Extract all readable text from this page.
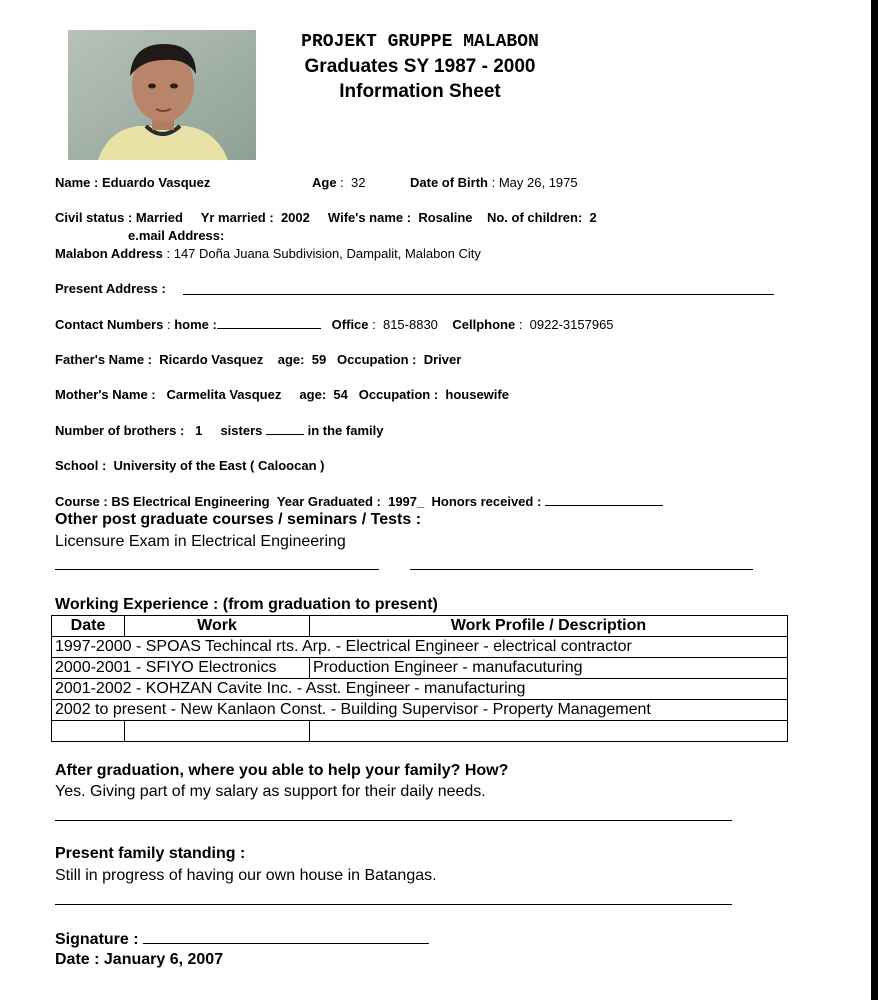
PROJEKT GRUPPE MALABON
Graduates SY 1987 - 2000
Information Sheet
Name : Eduardo Vasquez	Age :  32	Date of Birth : May 26, 1975
Civil status : Married Yr married : 2002 Wife's name : Rosaline No. of children: 2
e.mail Address:
Malabon Address : 147 Doña Juana Subdivision, Dampalit, Malabon City
Present Address :
Contact Numbers : home :	Office :  815-8830 Cellphone :  0922-3157965
Father's Name : Ricardo Vasquez age: 59 Occupation : Driver
Mother's Name : Carmelita Vasquez age: 54 Occupation : housewife
Number of brothers : 1 sisters	in the family
School : University of the East ( Caloocan )
Course : BS Electrical Engineering Year Graduated : 1997_ Honors received :
Other post graduate courses / seminars / Tests :
Licensure Exam in Electrical Engineering
Working Experience : (from graduation to present)
Date	Work	Work Profile / Description
1997-2000 - SPOAS Techincal rts. Arp. - Electrical Engineer - electrical contractor		
2000-2001 - SFIYO Electronics		Production Engineer - manufacuturing
2001-2002 - KOHZAN Cavite Inc. - Asst. Engineer - manufacturing		
2002 to present - New Kanlaon Const. - Building Supervisor - Property Management		

After graduation, where you able to help your family? How?
Yes. Giving part of my salary as support for their daily needs.
Present family standing :
Still in progress of having our own house in Batangas.
Signature :
Date : January 6, 2007
